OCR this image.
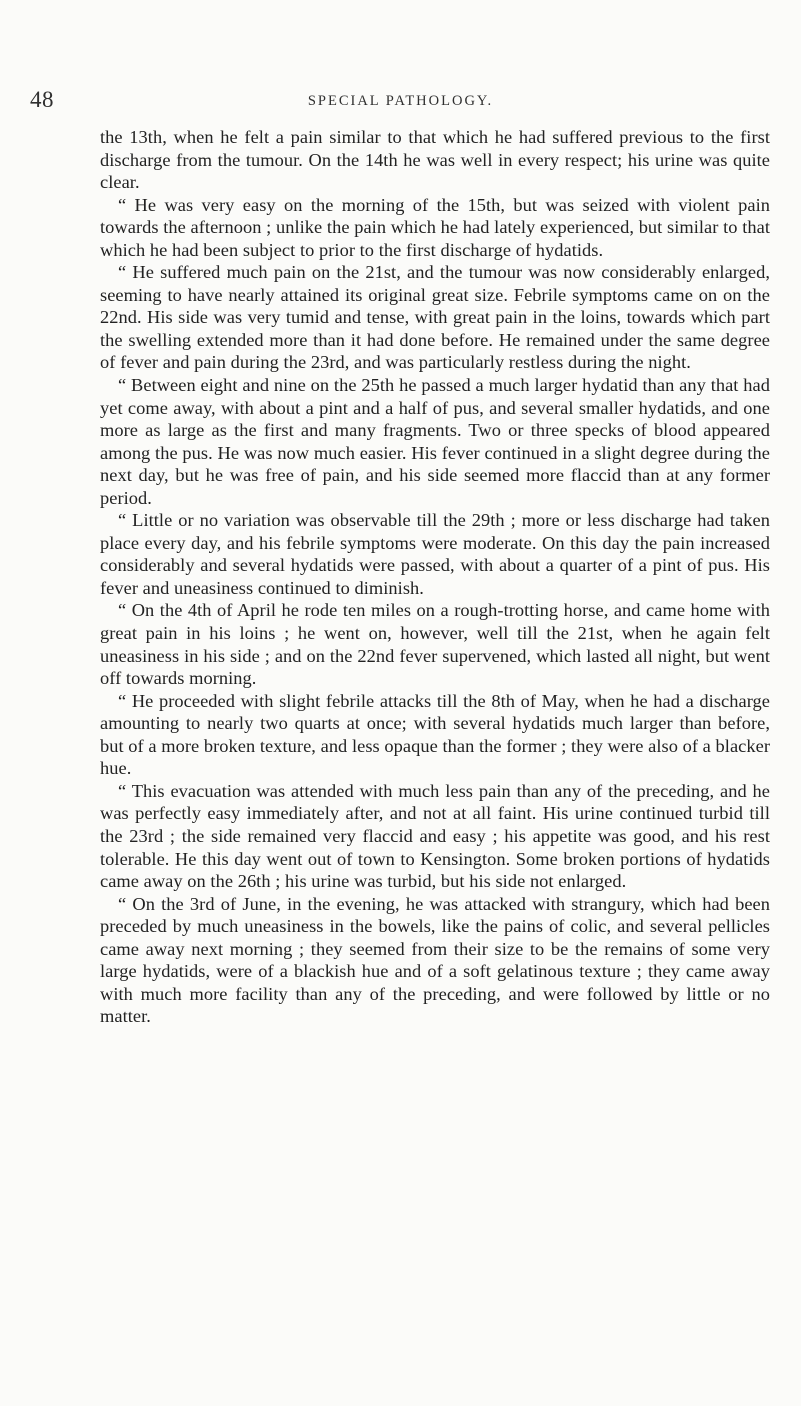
48	SPECIAL PATHOLOGY.

the 13th, when he felt a pain similar to that which he had suffered previous to the first discharge from the tumour. On the 14th he was well in every respect; his urine was quite clear.

“ He was very easy on the morning of the 15th, but was seized with violent pain towards the afternoon ; unlike the pain which he had lately experienced, but similar to that which he had been subject to prior to the first discharge of hydatids.

“ He suffered much pain on the 21st, and the tumour was now considerably enlarged, seeming to have nearly attained its original great size. Febrile symptoms came on on the 22nd. His side was very tumid and tense, with great pain in the loins, towards which part the swelling extended more than it had done before. He remained under the same degree of fever and pain during the 23rd, and was particularly restless during the night.

“ Between eight and nine on the 25th he passed a much larger hydatid than any that had yet come away, with about a pint and a half of pus, and several smaller hydatids, and one more as large as the first and many fragments. Two or three specks of blood appeared among the pus. He was now much easier. His fever continued in a slight degree during the next day, but he was free of pain, and his side seemed more flaccid than at any former period.

“ Little or no variation was observable till the 29th ; more or less discharge had taken place every day, and his febrile symptoms were moderate. On this day the pain increased considerably and several hydatids were passed, with about a quarter of a pint of pus. His fever and uneasiness continued to diminish.

“ On the 4th of April he rode ten miles on a rough-trotting horse, and came home with great pain in his loins ; he went on, however, well till the 21st, when he again felt uneasiness in his side ; and on the 22nd fever supervened, which lasted all night, but went off towards morning.

“ He proceeded with slight febrile attacks till the 8th of May, when he had a discharge amounting to nearly two quarts at once; with several hydatids much larger than before, but of a more broken texture, and less opaque than the former ; they were also of a blacker hue.

“ This evacuation was attended with much less pain than any of the preceding, and he was perfectly easy immediately after, and not at all faint. His urine continued turbid till the 23rd ; the side remained very flaccid and easy ; his appetite was good, and his rest tolerable. He this day went out of town to Kensington. Some broken portions of hydatids came away on the 26th ; his urine was turbid, but his side not enlarged.

“ On the 3rd of June, in the evening, he was attacked with strangury, which had been preceded by much uneasiness in the bowels, like the pains of colic, and several pellicles came away next morning ; they seemed from their size to be the remains of some very large hydatids, were of a blackish hue and of a soft gelatinous texture ; they came away with much more facility than any of the preceding, and were followed by little or no matter.
